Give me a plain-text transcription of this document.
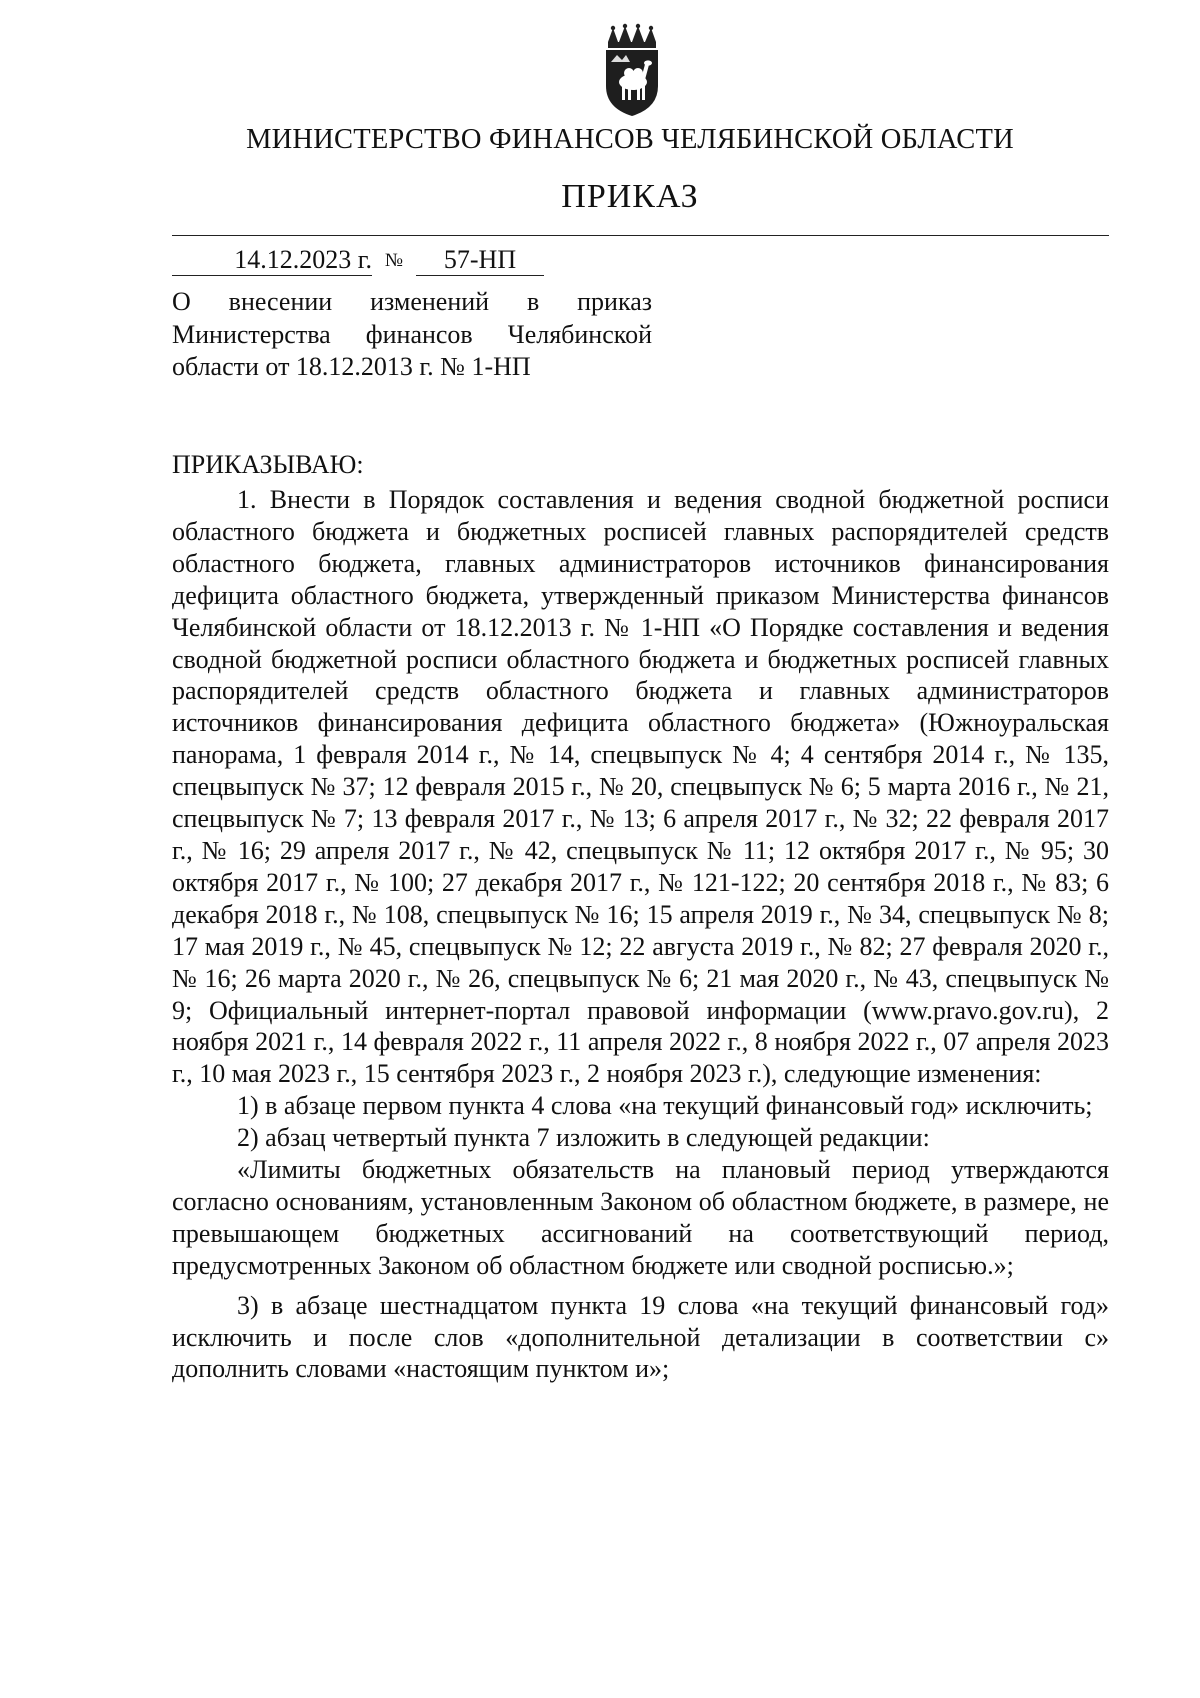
МИНИСТЕРСТВО ФИНАНСОВ ЧЕЛЯБИНСКОЙ ОБЛАСТИ
ПРИКАЗ
14.12.2023 г. № 57-НП
О внесении изменений в приказ Министерства финансов Челябинской области от 18.12.2013 г. № 1-НП
ПРИКАЗЫВАЮ:

1. Внести в Порядок составления и ведения сводной бюджетной росписи областного бюджета и бюджетных росписей главных распорядителей средств областного бюджета, главных администраторов источников финансирования дефицита областного бюджета, утвержденный приказом Министерства финансов Челябинской области от 18.12.2013 г. № 1-НП «О Порядке составления и ведения сводной бюджетной росписи областного бюджета и бюджетных росписей главных распорядителей средств областного бюджета и главных администраторов источников финансирования дефицита областного бюджета» (Южноуральская панорама, 1 февраля 2014 г., № 14, спецвыпуск № 4; 4 сентября 2014 г., № 135, спецвыпуск № 37; 12 февраля 2015 г., № 20, спецвыпуск № 6; 5 марта 2016 г., № 21, спецвыпуск № 7; 13 февраля 2017 г., № 13; 6 апреля 2017 г., № 32; 22 февраля 2017 г., № 16; 29 апреля 2017 г., № 42, спецвыпуск № 11; 12 октября 2017 г., № 95; 30 октября 2017 г., № 100; 27 декабря 2017 г., № 121-122; 20 сентября 2018 г., № 83; 6 декабря 2018 г., № 108, спецвыпуск № 16; 15 апреля 2019 г., № 34, спецвыпуск № 8; 17 мая 2019 г., № 45, спецвыпуск № 12; 22 августа 2019 г., № 82; 27 февраля 2020 г., № 16; 26 марта 2020 г., № 26, спецвыпуск № 6; 21 мая 2020 г., № 43, спецвыпуск № 9; Официальный интернет-портал правовой информации (www.pravo.gov.ru), 2 ноября 2021 г., 14 февраля 2022 г., 11 апреля 2022 г., 8 ноября 2022 г., 07 апреля 2023 г., 10 мая 2023 г., 15 сентября 2023 г., 2 ноября 2023 г.), следующие изменения:

1) в абзаце первом пункта 4 слова «на текущий финансовый год» исключить;

2) абзац четвертый пункта 7 изложить в следующей редакции:

«Лимиты бюджетных обязательств на плановый период утверждаются согласно основаниям, установленным Законом об областном бюджете, в размере, не превышающем бюджетных ассигнований на соответствующий период, предусмотренных Законом об областном бюджете или сводной росписью.»;

3) в абзаце шестнадцатом пункта 19 слова «на текущий финансовый год» исключить и после слов «дополнительной детализации в соответствии с» дополнить словами «настоящим пунктом и»;
